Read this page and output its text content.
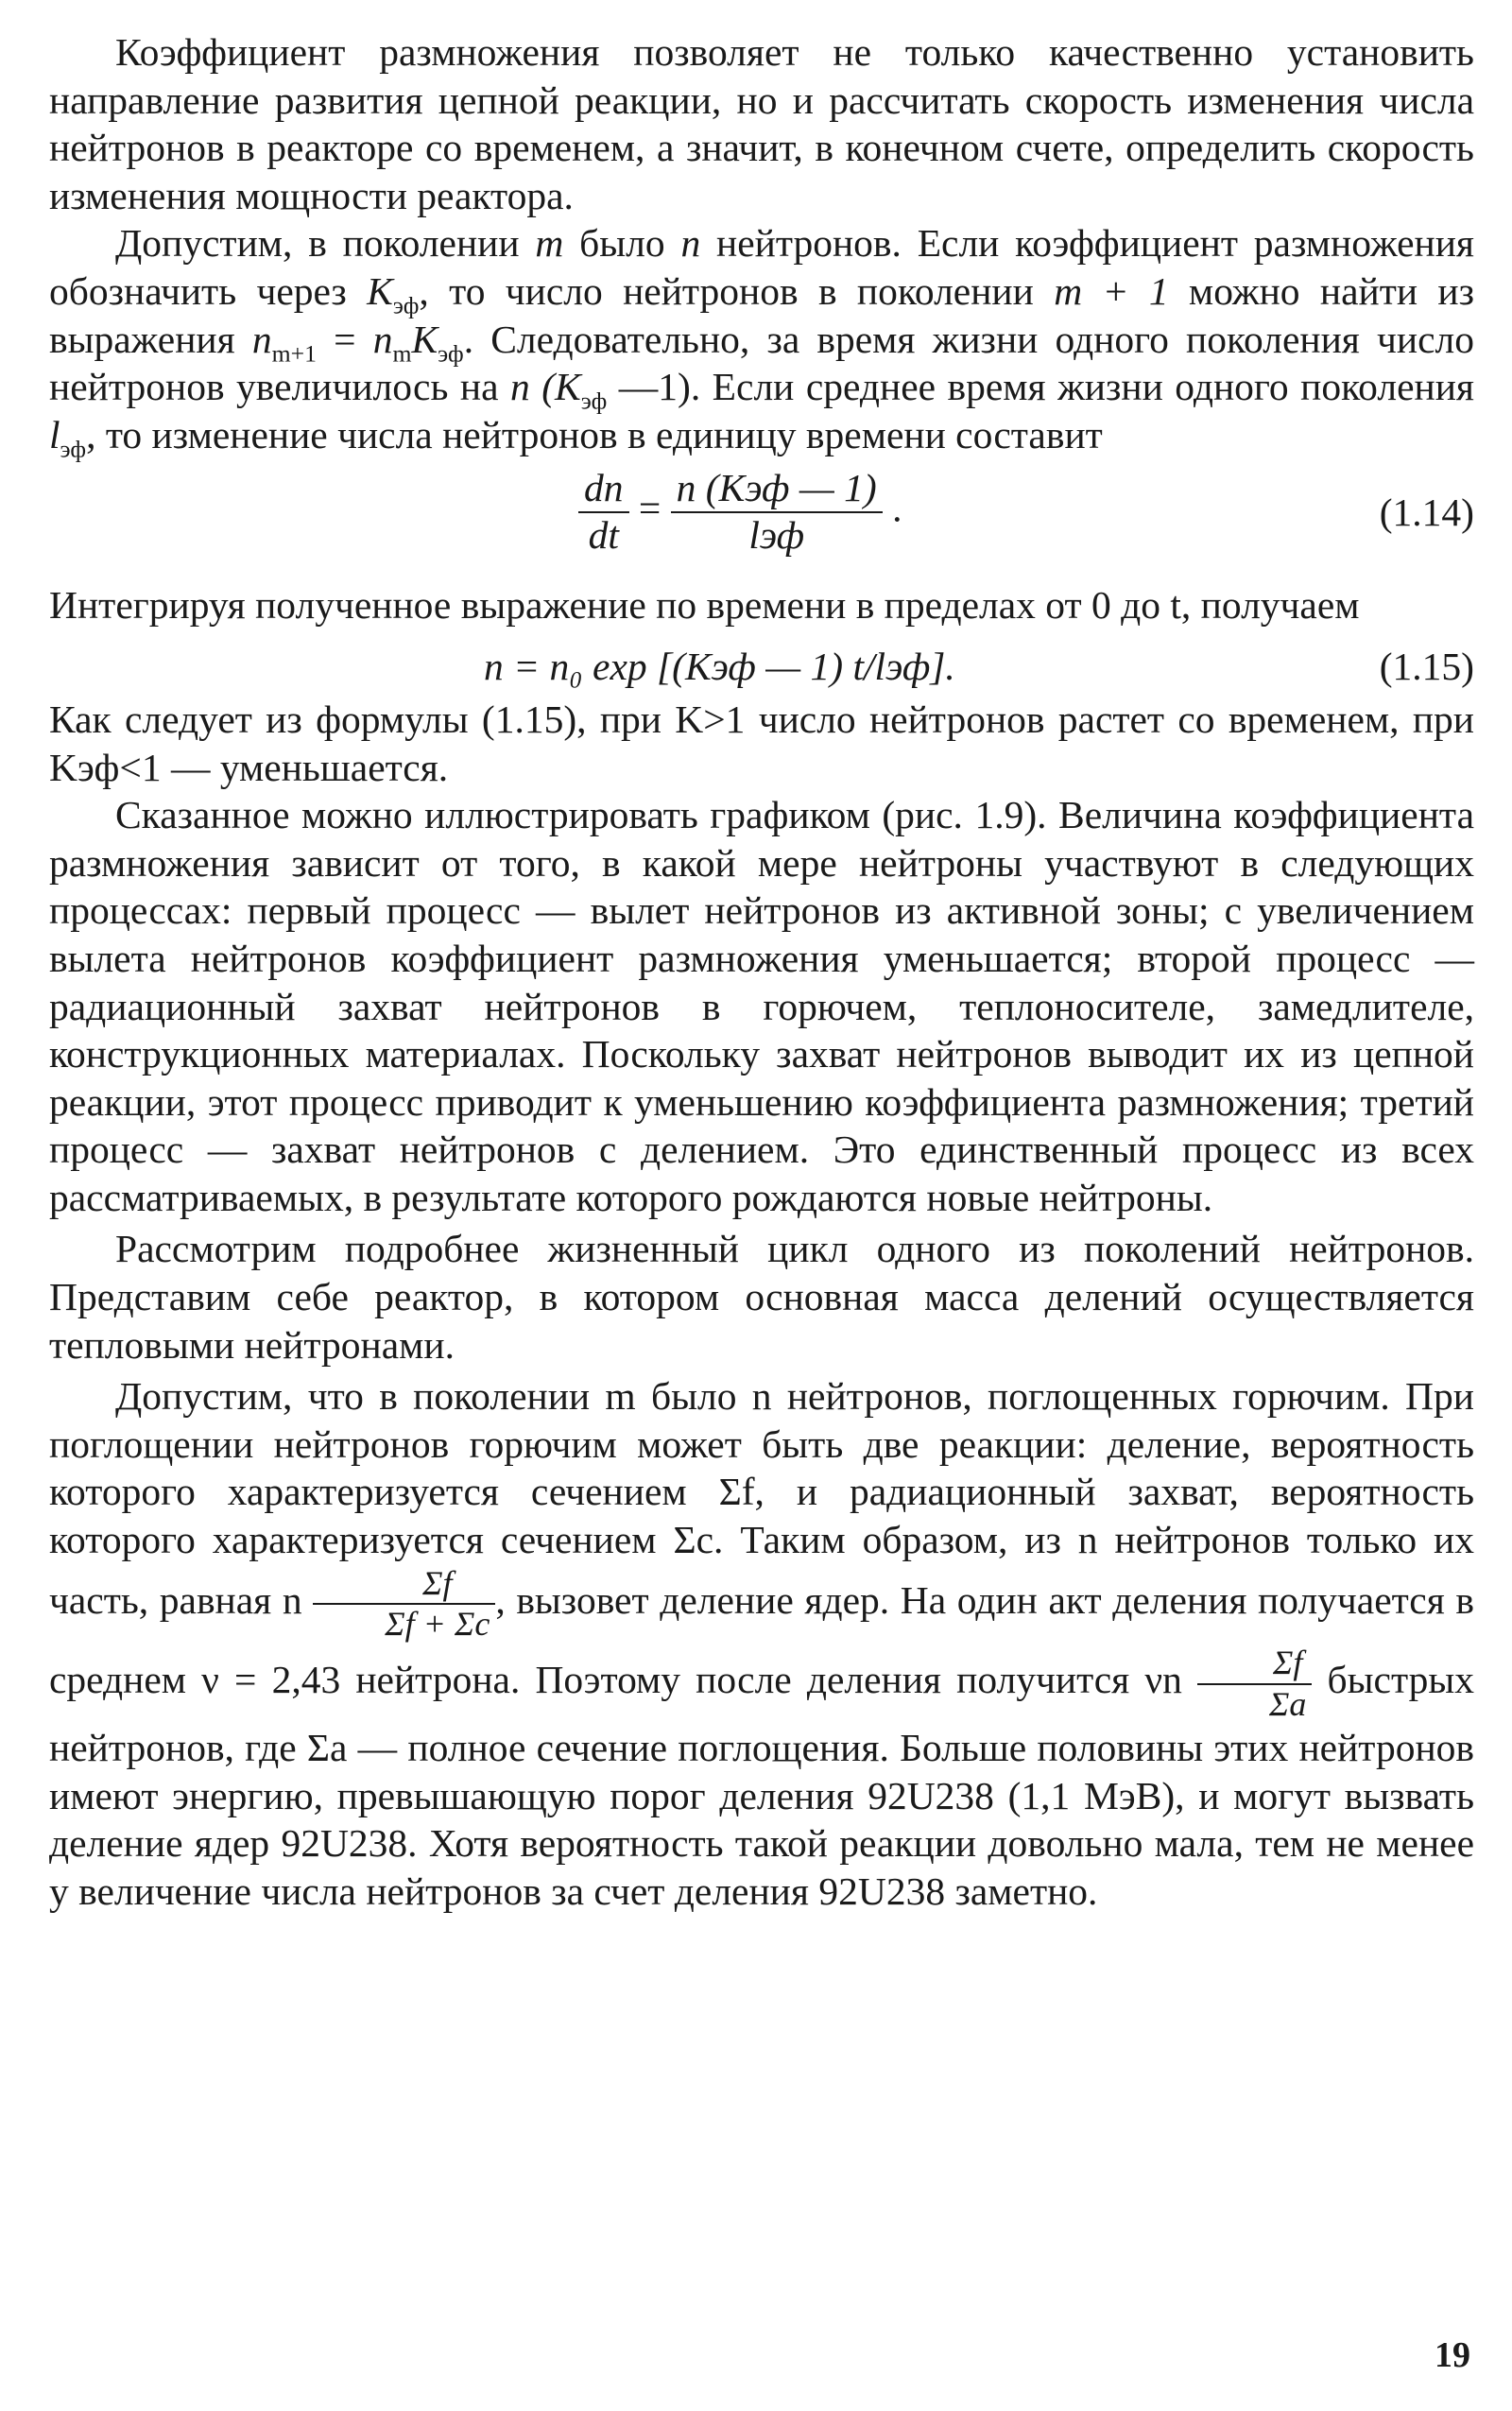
Коэффициент размножения позволяет не только качественно установить направление развития цепной реакции, но и рассчитать скорость изменения числа нейтронов в реакторе со временем, а значит, в конечном счете, определить скорость изменения мощности реактора.

Допустим, в поколении m было n нейтронов. Если коэффициент размножения обозначить через $K_{эф}$, то число нейтронов в поколении m + 1 можно найти из выражения $n_{m+1} = n_mK_{эф}$. Следовательно, за время жизни одного поколения число нейтронов увеличилось на n ($K_{эф}$ —1). Если среднее время жизни одного поколения $l_{эф}$, то изменение числа нейтронов в единицу времени составит

$\frac{dn}{dt} = \frac{\text{n (Kэф — 1)}}{\text{lэф}}$ .	(1.14)

Интегрируя полученное выражение по времени в пределах от 0 до t, получаем

n = n₀ exp [(Kэф — 1) t/lэф].	(1.15)

Как следует из формулы (1.15), при K>1 число нейтронов растет со временем, при Kэф<1 — уменьшается.

Сказанное можно иллюстрировать графиком (рис. 1.9). Величина коэффициента размножения зависит от того, в какой мере нейтроны участвуют в следующих процессах: первый процесс — вылет нейтронов из активной зоны; с увеличением вылета нейтронов коэффициент размножения уменьшается; второй процесс — радиационный захват нейтронов в горючем, теплоносителе, замедлителе, конструкционных материалах. Поскольку захват нейтронов выводит их из цепной реакции, этот процесс приводит к уменьшению коэффициента размножения; третий процесс — захват нейтронов с делением. Это единственный процесс из всех рассматриваемых, в результате которого рождаются новые нейтроны.

Рассмотрим подробнее жизненный цикл одного из поколений нейтронов. Представим себе реактор, в котором основная масса делений осуществляется тепловыми нейтронами.

Допустим, что в поколении m было n нейтронов, поглощенных горючим. При поглощении нейтронов горючим может быть две реакции: деление, вероятность которого характеризуется сечением Σf, и радиационный захват, вероятность которого характеризуется сечением Σc. Таким образом, из n нейтронов только их часть, равная n $\frac{\Sigma f}{\Sigma f + \Sigma c}$ , вызовет деление ядер. На один акт деления получается в среднем ν = 2,43 нейтрона. Поэтому после деления получится νn $\frac{\Sigma f}{\Sigma a}$ быстрых нейтронов, где Σa — полное сечение поглощения. Больше половины этих нейтронов имеют энергию, превышающую порог деления 92U238 (1,1 МэВ), и могут вызвать деление ядер 92U238. Хотя вероятность такой реакции довольно мала, тем не менее у величение числа нейтронов за счет деления 92U238 заметно.

19
